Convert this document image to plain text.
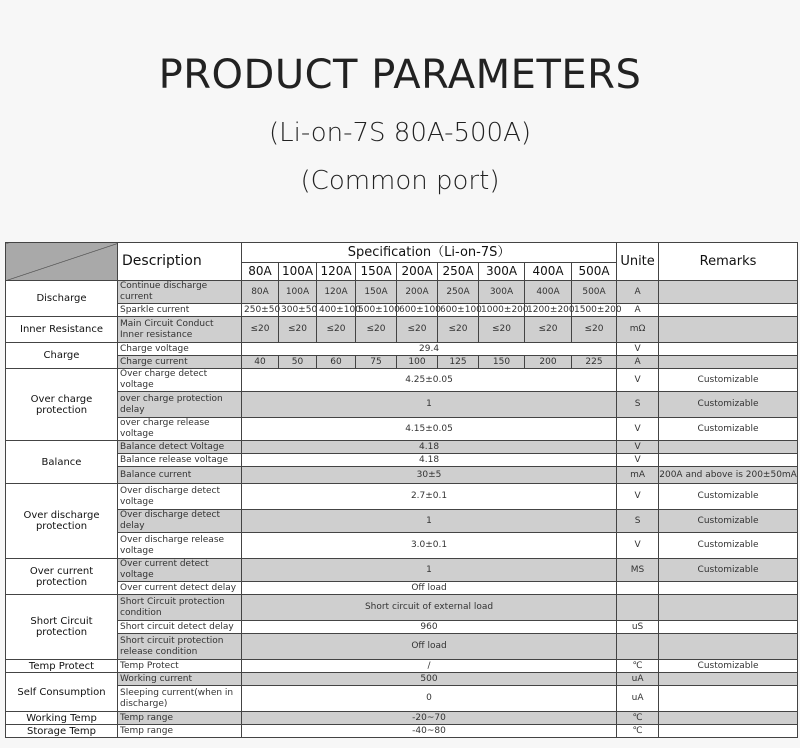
PRODUCT PARAMETERS
(Li-on-7S 80A-500A)
(Common port)
	Description	Specification（Li-on-7S）									Unite	Remarks
		80A	100A	120A	150A	200A	250A	300A	400A	500A		
Discharge	Continue discharge current	80A	100A	120A	150A	200A	250A	300A	400A	500A	A	
	Sparkle current	250±50	300±50	400±100	500±100	600±100	600±100	1000±200	1200±200	1500±200	A	
Inner Resistance	Main Circuit Conduct Inner resistance	≤20	≤20	≤20	≤20	≤20	≤20	≤20	≤20	≤20	mΩ	
Charge	Charge voltage	29.4									V	
	Charge current	40	50	60	75	100	125	150	200	225	A	
Over charge protection	Over charge detect voltage	4.25±0.05									V	Customizable
	over charge protection delay	1									S	Customizable
	over charge release voltage	4.15±0.05									V	Customizable
Balance	Balance detect Voltage	4.18									V	
	Balance release voltage	4.18									V	
	Balance current	30±5									mA	200A and above is 200±50mA
Over discharge protection	Over discharge detect voltage	2.7±0.1									V	Customizable
	Over discharge detect delay	1									S	Customizable
	Over discharge release voltage	3.0±0.1									V	Customizable
Over current protection	Over current detect voltage	1									MS	Customizable
	Over current detect delay	Off load										
Short Circuit protection	Short Circuit protection condition	Short circuit of external load										
	Short circuit detect delay	960									uS	
	Short circuit protection release condition	Off load										
Temp Protect	Temp Protect	/									℃	Customizable
Self Consumption	Working current	500									uA	
	Sleeping current(when in discharge)	0									uA	
Working Temp	Temp range	-20~70									℃	
Storage Temp	Temp range	-40~80									℃	
